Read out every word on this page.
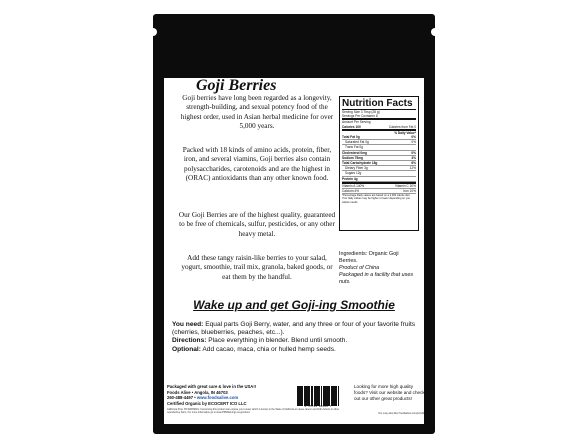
Goji Berries
Goji berries have long been regarded as a longevity, strength-building, and sexual potency food of the highest order, used in Asian herbal medicine for over 5,000 years.
Packed with 18 kinds of amino acids, protein, fiber, iron, and several viamins, Goji berries also contain polysaccharides, carotenoids and are the highest in (ORAC) antioxidants than any other known food.
Our Goji Berries are of the highest quality, guaranteed to be free of chemicals, sulfur, pesticides, or any other heavy metal.
Add these tangy raisin-like berries to your salad, yogurt, smoothie, trail mix, granola, baked goods, or eat them by the handful.
Nutrition Facts
Serving Size 3 Tbsp (28 g)
Servings Per Container 8
Amount Per Serving
Calories 100	Calories from Fat 0
% Daily Value*
Total Fat 0g	0%
Saturated Fat 0g	0%
Trans Fat 0g
Cholesterol 0mg	0%
Sodium 75mg	3%
Total Carbohydrate 18g	6%
Dietary Fiber 3g	12%
Sugars 12g
Protein 4g
Vitamin A 140%	Vitamin C 20%
Calcium 4%	Iron 10%
*Percentage Daily values are based on a 2,000 calorie diet. Your daily values may be higher or lower depending on you calorie needs
Ingredients: Organic Goji Berries.
Product of China
Packaged in a facility that uses nuts.
Wake up and get Goji-ing Smoothie
You need: Equal parts Goji Berry, water, and any three or four of your favorite fruits (cherries, blueberries, peaches, etc...).
Directions: Place everything in blender. Blend until smooth.
Optional: Add cacao, maca, chia or hulled hemp seeds.
Packaged with great care & love in the USA!!
Foods Alive • Angola, IN 46703
260-488-4497 • www.foodsalive.com
Certified Organic by ECOCERT ICO LLC
California Prop. 65 WARNING: Consuming this product can expose you to lead, which is known to the State of California to cause cancer and birth defects or other reproductive harm. For more information go to www.P65Warnings.ca.gov/food.
8 55789 00290 7
Looking for more high quality foods? Visit our website and check out our other great products!
You may also like! foodsalive.com/prod3
